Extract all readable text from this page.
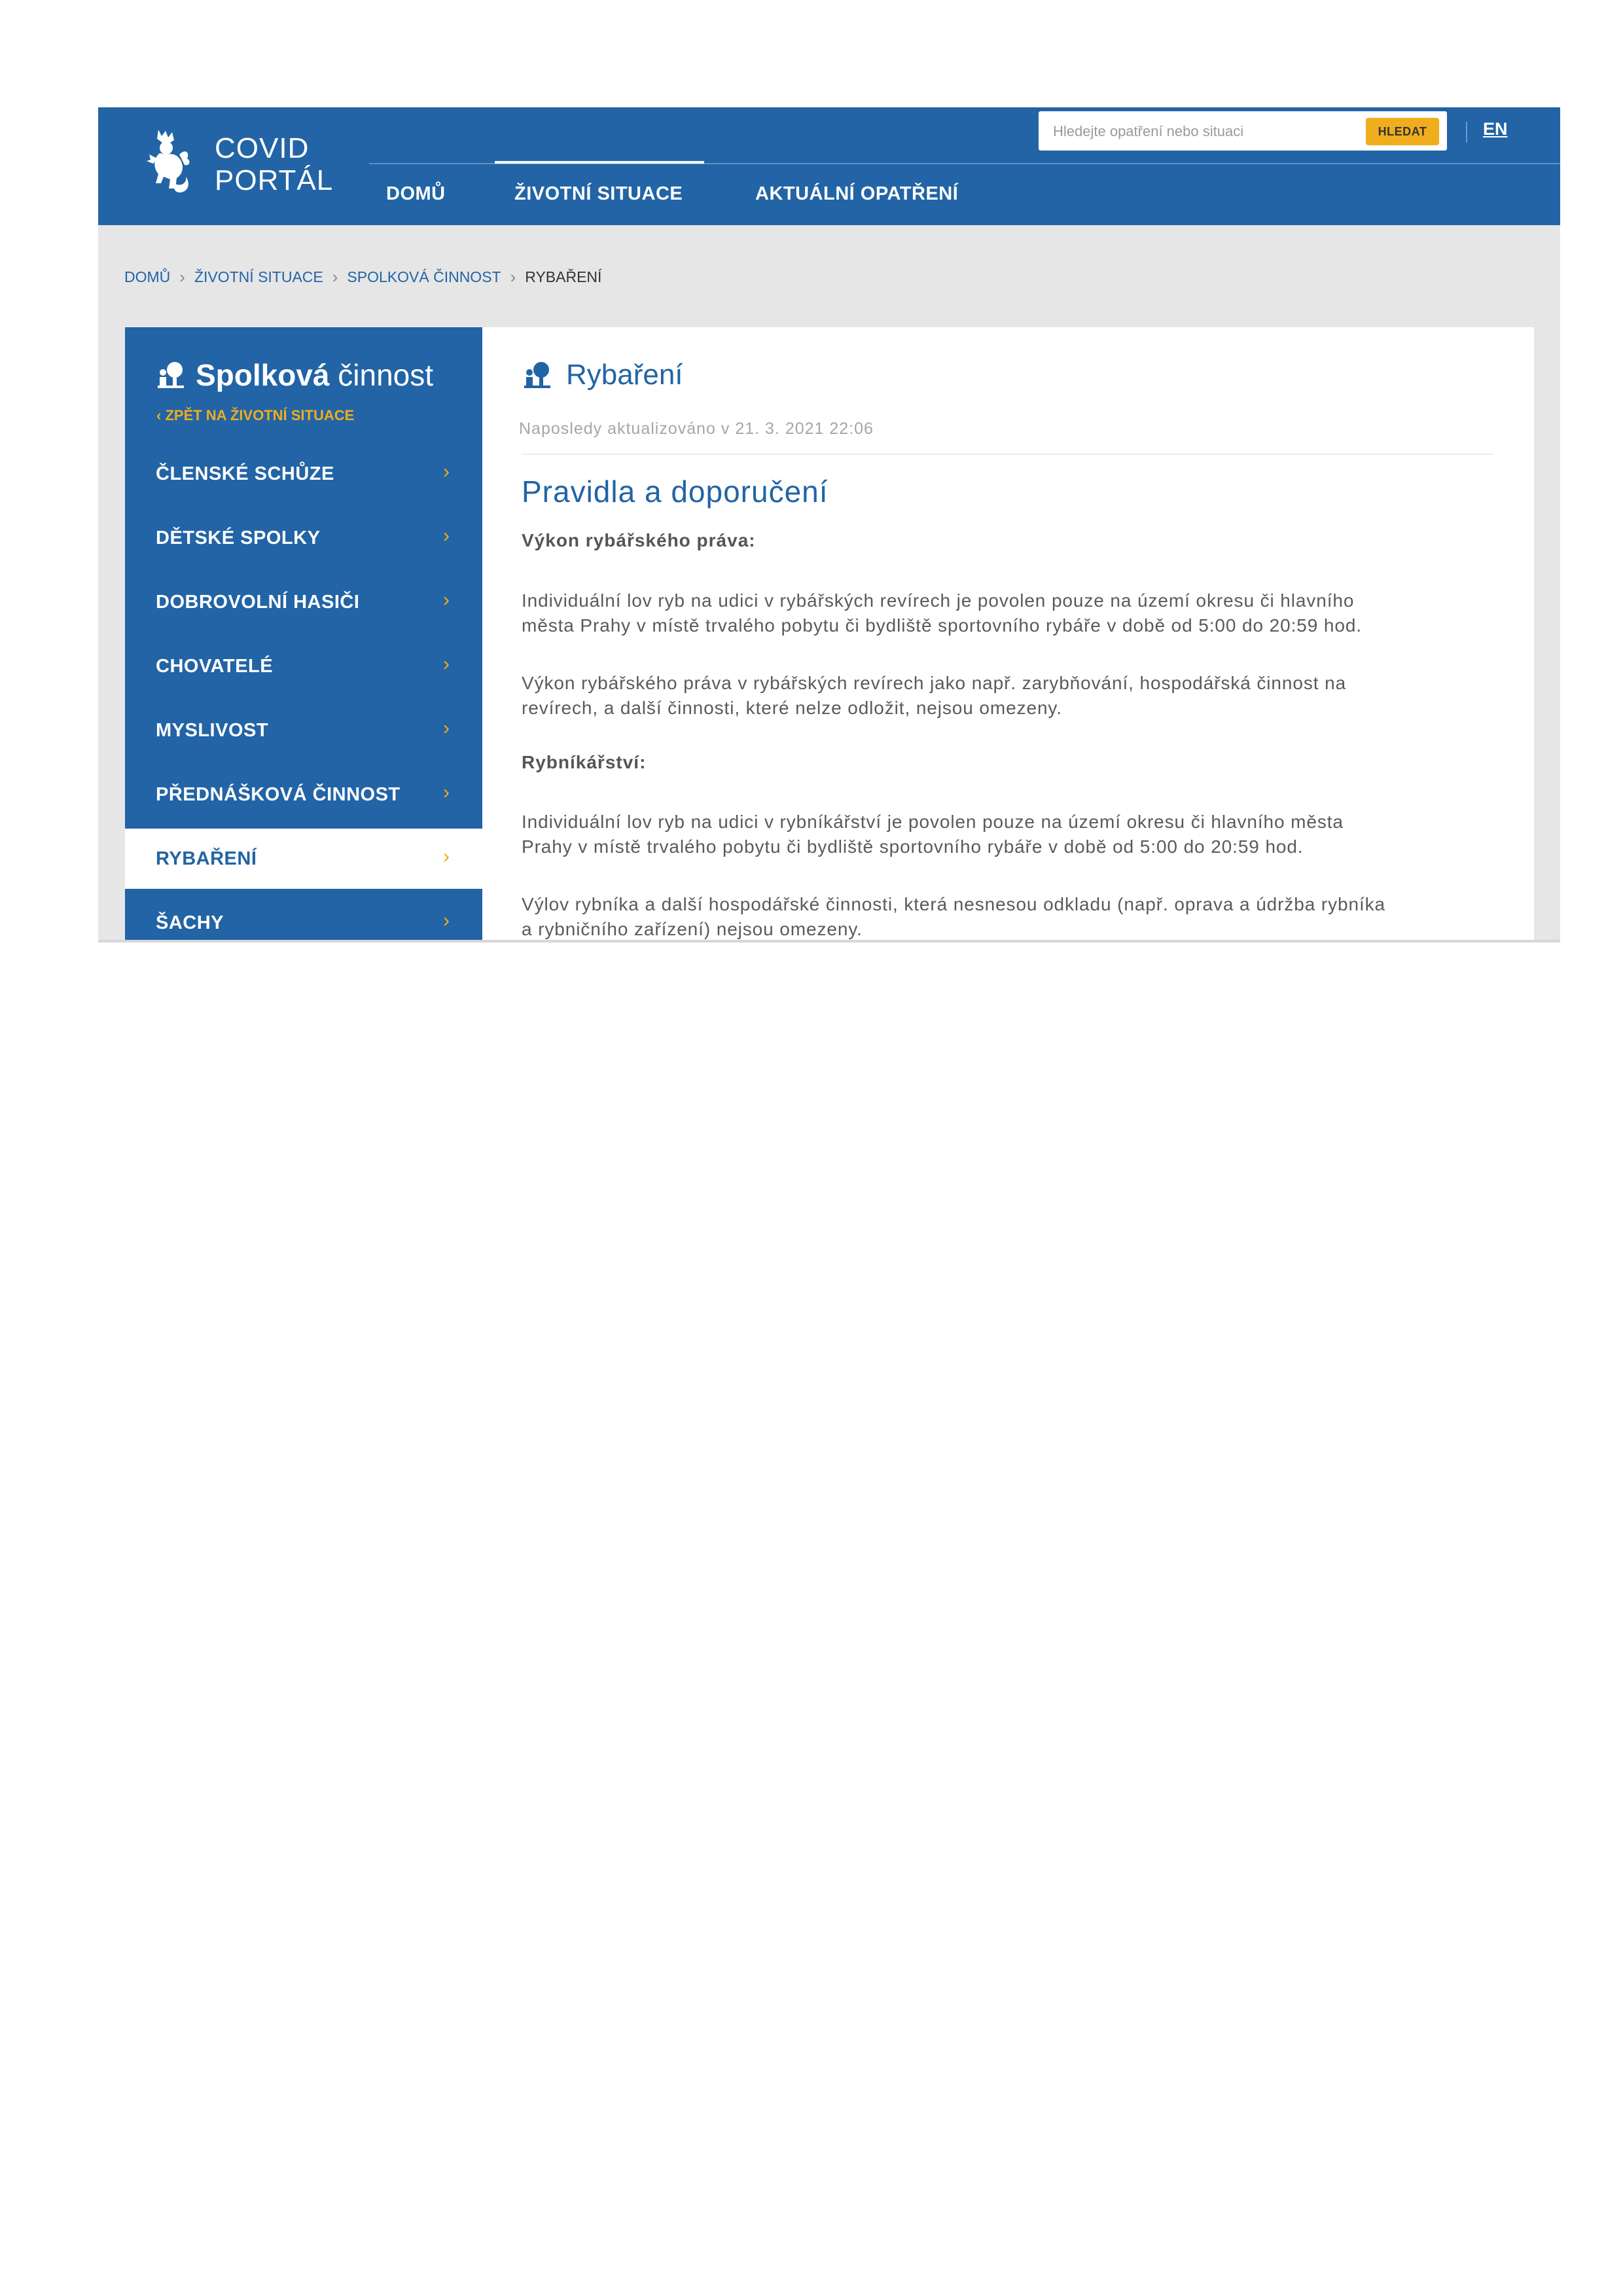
COVID
PORTÁL
Hledejte opatření nebo situaci
HLEDAT	EN
DOMŮ	ŽIVOTNÍ SITUACE	AKTUÁLNÍ OPATŘENÍ
DOMŮ › ŽIVOTNÍ SITUACE › SPOLKOVÁ ČINNOST › RYBAŘENÍ
Spolková činnost
‹ ZPĚT NA ŽIVOTNÍ SITUACE
ČLENSKÉ SCHŮZE	›
DĚTSKÉ SPOLKY	›
DOBROVOLNÍ HASIČI	›
CHOVATELÉ	›
MYSLIVOST	›
PŘEDNÁŠKOVÁ ČINNOST ›
RYBAŘENÍ	›
ŠACHY	›
Rybaření
Naposledy aktualizováno v 21. 3. 2021 22:06
Pravidla a doporučení
Výkon rybářského práva:
Individuální lov ryb na udici v rybářských revírech je povolen pouze na území okresu či hlavního
města Prahy v místě trvalého pobytu či bydliště sportovního rybáře v době od 5:00 do 20:59 hod.
Výkon rybářského práva v rybářských revírech jako např. zarybňování, hospodářská činnost na
revírech, a další činnosti, které nelze odložit, nejsou omezeny.
Rybníkářství:
Individuální lov ryb na udici v rybníkářství je povolen pouze na území okresu či hlavního města
Prahy v místě trvalého pobytu či bydliště sportovního rybáře v době od 5:00 do 20:59 hod.
Výlov rybníka a další hospodářské činnosti, která nesnesou odkladu (např. oprava a údržba rybníka
a rybničního zařízení) nejsou omezeny.
